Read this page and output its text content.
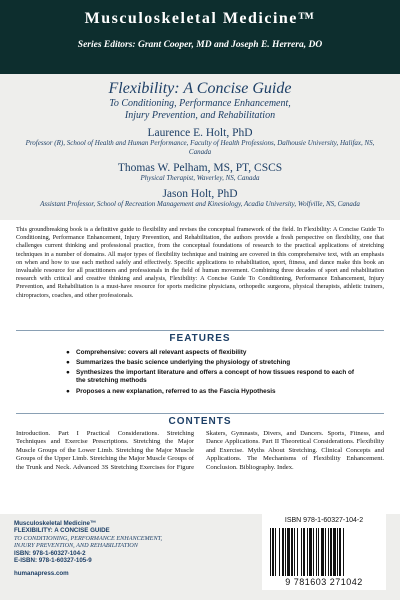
Musculoskeletal Medicine™
Series Editors: Grant Cooper, MD and Joseph E. Herrera, DO
Flexibility: A Concise Guide
To Conditioning, Performance Enhancement,
Injury Prevention, and Rehabilitation
Laurence E. Holt, PhD
Professor (R), School of Health and Human Performance, Faculty of Health Professions, Dalhousie University, Halifax, NS, Canada
Thomas W. Pelham, MS, PT, CSCS
Physical Therapist, Waverley, NS, Canada
Jason Holt, PhD
Assistant Professor, School of Recreation Management and Kinesiology, Acadia University, Wolfville, NS, Canada
This groundbreaking book is a definitive guide to flexibility and revises the conceptual framework of the field. In Flexibility: A Concise Guide To Conditioning, Performance Enhancement, Injury Prevention, and Rehabilitation, the authors provide a fresh perspective on flexibility, one that challenges current thinking and professional practice, from the conceptual foundations of research to the practical applications of stretching techniques in a number of domains. All major types of flexibility technique and training are covered in this comprehensive text, with an emphasis on when and how to use each method safely and effectively. Specific applications to rehabilitation, sport, fitness, and dance make this book an invaluable resource for all practitioners and professionals in the field of human movement. Combining three decades of sport and rehabilitation research with critical and creative thinking and analysis, Flexibility: A Concise Guide To Conditioning, Performance Enhancement, Injury Prevention, and Rehabilitation is a must-have resource for sports medicine physicians, orthopedic surgeons, physical therapists, athletic trainers, chiropractors, coaches, and other professionals.
FEATURES
● Comprehensive: covers all relevant aspects of flexibility
● Summarizes the basic science underlying the physiology of stretching
● Synthesizes the important literature and offers a concept of how tissues respond to each of the stretching methods
● Proposes a new explanation, referred to as the Fascia Hypothesis
CONTENTS
Introduction. Part I Practical Considerations. Stretching Techniques and Exercise Prescriptions. Stretching the Major Muscle Groups of the Lower Limb. Stretching the Major Muscle Groups of the Upper Limb. Stretching the Major Muscle Groups of the Trunk and Neck. Advanced 3S Stretching Exercises for Figure Skaters, Gymnasts, Divers, and Dancers. Sports, Fitness, and Dance Applications. Part II Theoretical Considerations. Flexibility and Exercise. Myths About Stretching. Clinical Concepts and Applications. The Mechanisms of Flexibility Enhancement. Conclusion. Bibliography. Index.
Musculoskeletal Medicine™
FLEXIBILITY: A CONCISE GUIDE
TO CONDITIONING, PERFORMANCE ENHANCEMENT,
INJURY PREVENTION, AND REHABILITATION
ISBN: 978-1-60327-104-2
E-ISBN: 978-1-60327-105-9
humanapress.com
ISBN 978-1-60327-104-2
9 781603 271042
